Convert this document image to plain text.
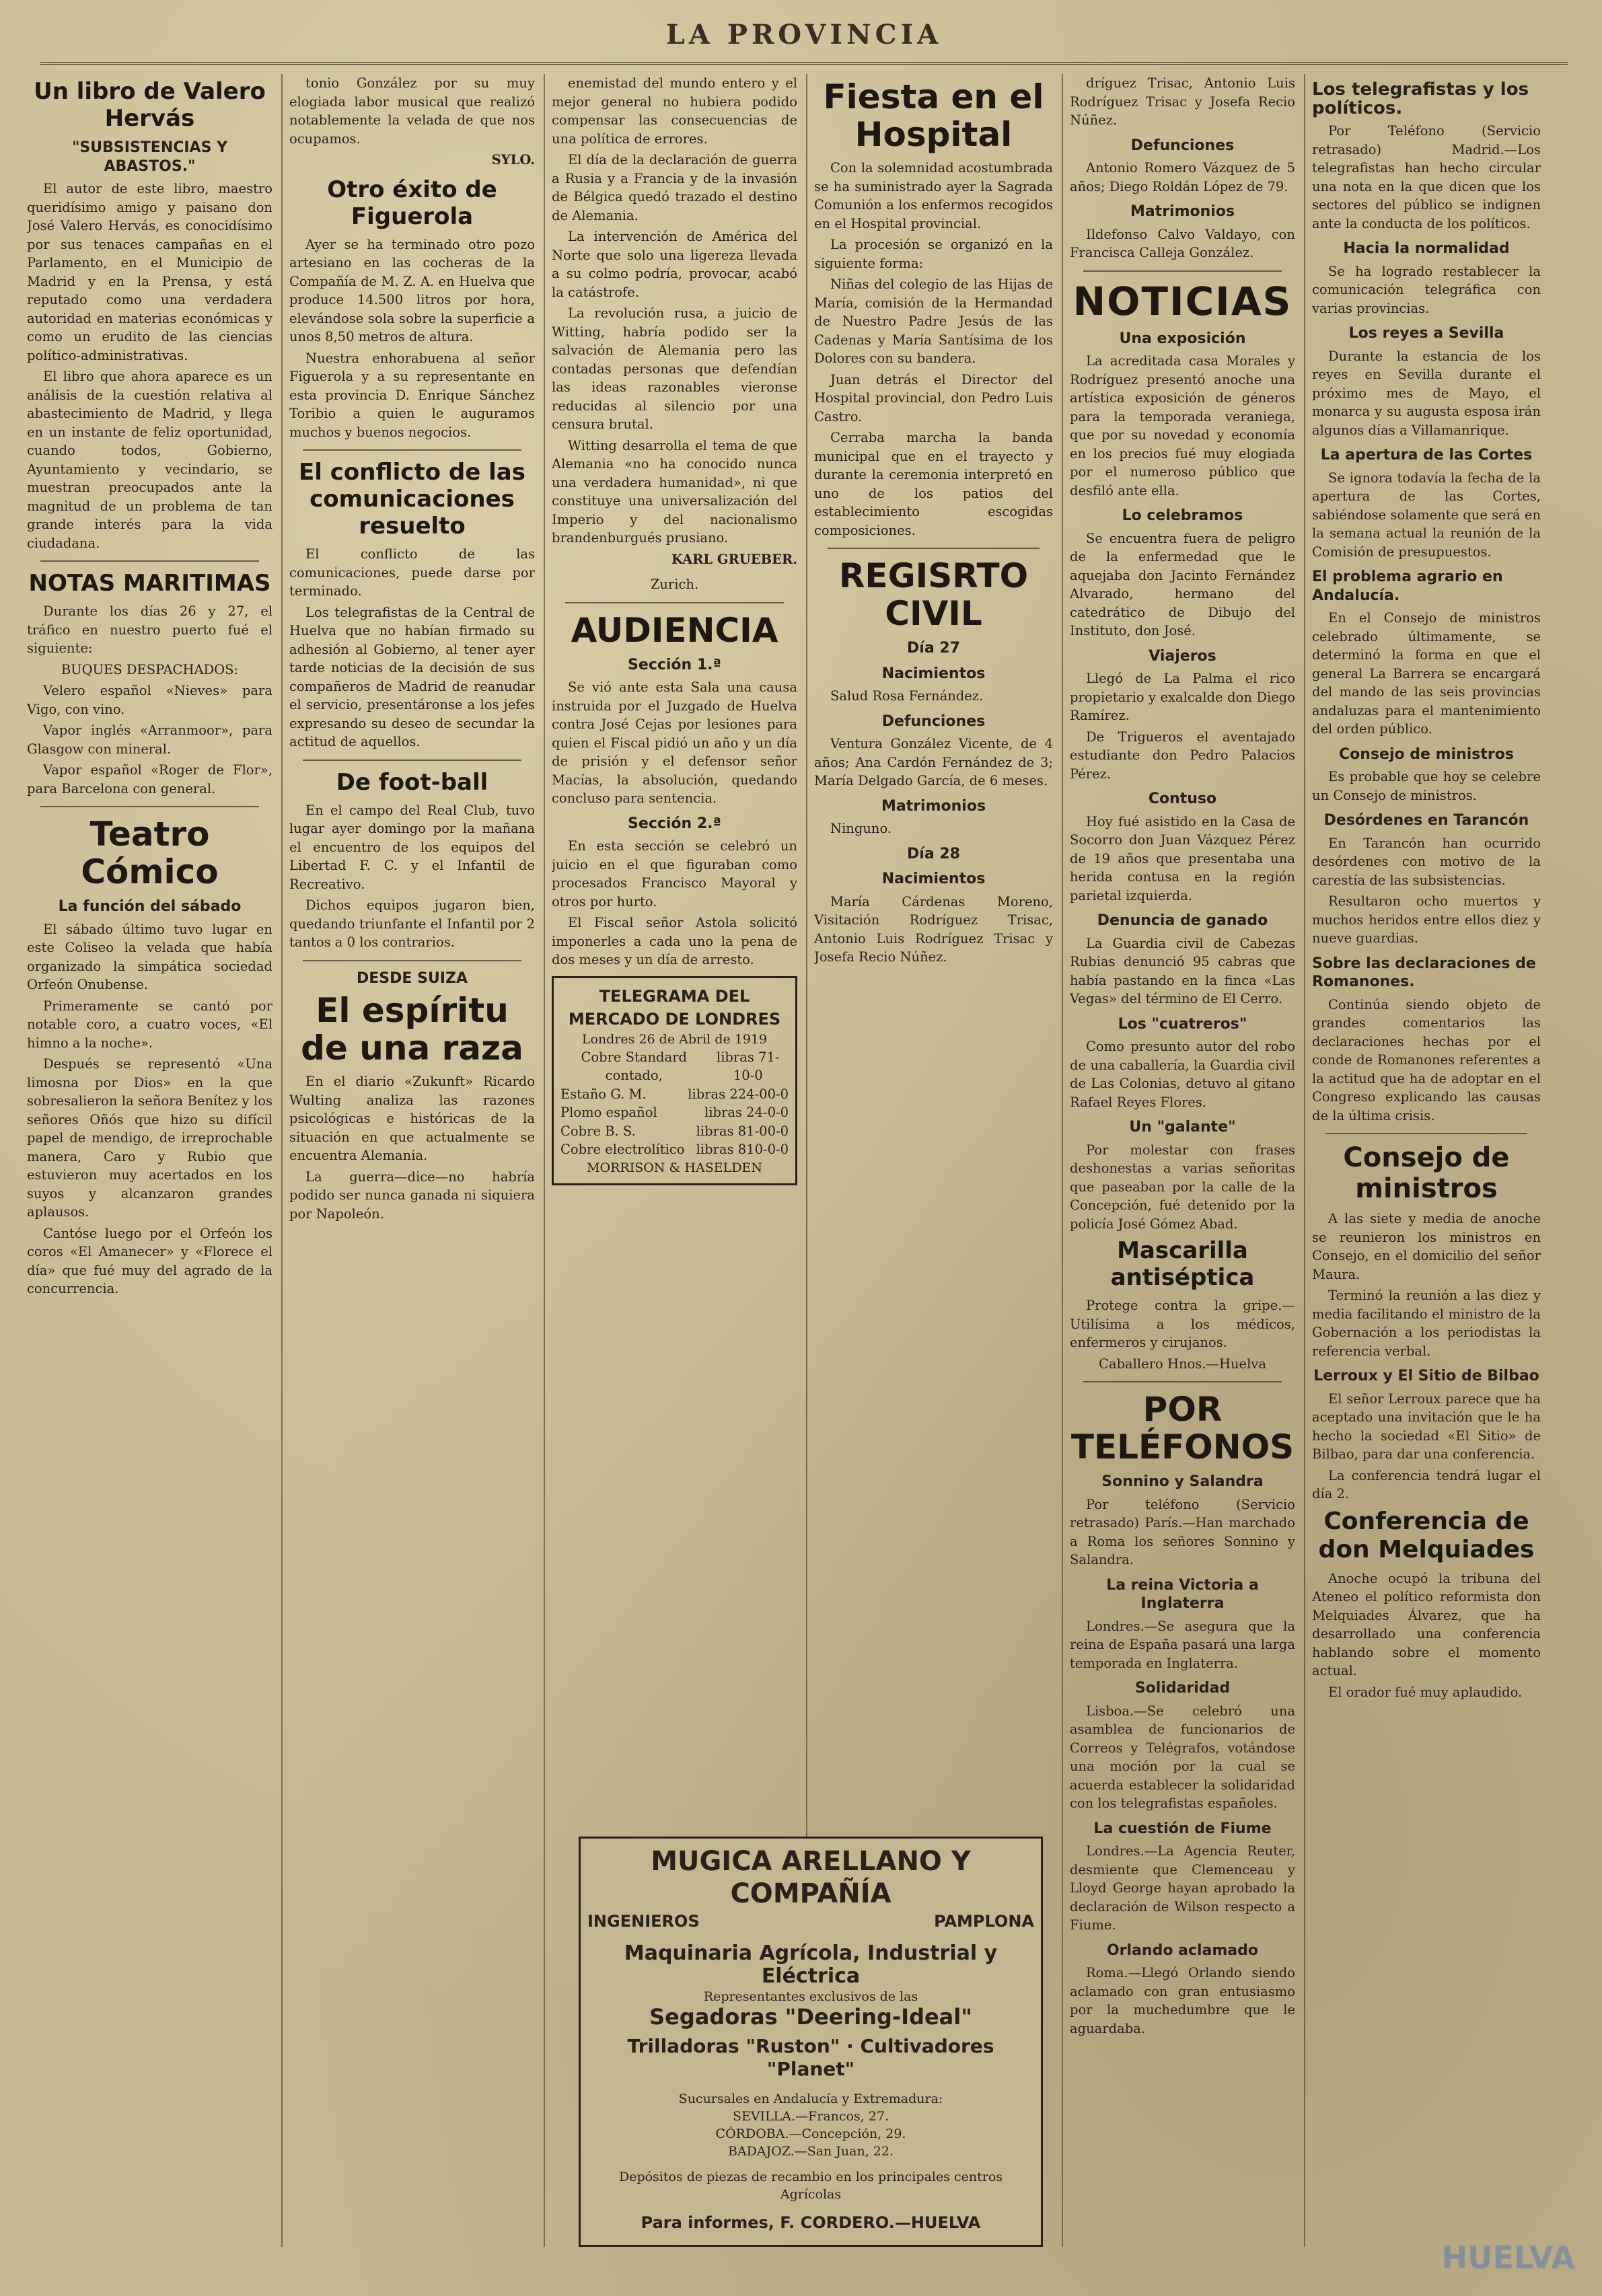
LA PROVINCIA
Un libro de Valero Hervás
"SUBSISTENCIAS Y ABASTOS."

El autor de este libro, maestro queridísimo amigo y paisano don José Valero Hervás, es conocidísimo por sus tenaces campañas en el Parlamento, en el Municipio de Madrid y en la Prensa, y está reputado como una verdadera autoridad en materias económicas y como un erudito de las ciencias político-administrativas.

El libro que ahora aparece es un análisis de la cuestión relativa al abastecimiento de Madrid, y llega en un instante de feliz oportunidad, cuando todos, Gobierno, Ayuntamiento y vecindario, se muestran preocupados ante la magnitud de un problema de tan grande interés para la vida ciudadana.

NOTAS MARITIMAS

Durante los días 26 y 27, el tráfico en nuestro puerto fué el siguiente:

BUQUES DESPACHADOS:

Velero español «Nieves» para Vigo, con vino.

Vapor inglés «Arranmoor», para Glasgow con mineral.

Vapor español «Roger de Flor», para Barcelona con general.

Teatro Cómico
La función del sábado

El sábado último tuvo lugar en este Coliseo la velada que había organizado la simpática sociedad Orfeón Onubense.

Primeramente se cantó por notable coro, a cuatro voces, «El himno a la noche».

Después se representó «Una limosna por Dios» en la que sobresalieron la señora Benítez y los señores Oñós que hizo su difícil papel de mendigo, de irreprochable manera, Caro y Rubio que estuvieron muy acertados en los suyos y alcanzaron grandes aplausos.

Cantóse luego por el Orfeón los coros «El Amanecer» y «Florece el día» que fué muy del agrado de la concurrencia.

tonio González por su muy elogiada labor musical que realizó notablemente la velada de que nos ocupamos.

SYLO.
Otro éxito de Figuerola

Ayer se ha terminado otro pozo artesiano en las cocheras de la Compañía de M. Z. A. en Huelva que produce 14.500 litros por hora, elevándose sola sobre la superficie a unos 8,50 metros de altura.

Nuestra enhorabuena al señor Figuerola y a su representante en esta provincia D. Enrique Sánchez Toribio a quien le auguramos muchos y buenos negocios.

El conflicto de las comunicaciones resuelto

El conflicto de las comunicaciones, puede darse por terminado.

Los telegrafistas de la Central de Huelva que no habían firmado su adhesión al Gobierno, al tener ayer tarde noticias de la decisión de sus compañeros de Madrid de reanudar el servicio, presentáronse a los jefes expresando su deseo de secundar la actitud de aquellos.

De foot-ball

En el campo del Real Club, tuvo lugar ayer domingo por la mañana el encuentro de los equipos del Libertad F. C. y el Infantil de Recreativo.

Dichos equipos jugaron bien, quedando triunfante el Infantil por 2 tantos a 0 los contrarios.

DESDE SUIZA
El espíritu de una raza

En el diario «Zukunft» Ricardo Wulting analiza las razones psicológicas e históricas de la situación en que actualmente se encuentra Alemania.

La guerra—dice—no habría podido ser nunca ganada ni siquiera por Napoleón.

enemistad del mundo entero y el mejor general no hubiera podido compensar las consecuencias de una política de errores.

El día de la declaración de guerra a Rusia y a Francia y de la invasión de Bélgica quedó trazado el destino de Alemania.

La intervención de América del Norte que solo una ligereza llevada a su colmo podría, provocar, acabó la catástrofe.

La revolución rusa, a juicio de Witting, habría podido ser la salvación de Alemania pero las contadas personas que defendían las ideas razonables vieronse reducidas al silencio por una censura brutal.

Witting desarrolla el tema de que Alemania «no ha conocido nunca una verdadera humanidad», ni que constituye una universalización del Imperio y del nacionalismo brandenburgués prusiano.

KARL GRUEBER.

Zurich.

AUDIENCIA
Sección 1.ª

Se vió ante esta Sala una causa instruida por el Juzgado de Huelva contra José Cejas por lesiones para quien el Fiscal pidió un año y un día de prisión y el defensor señor Macías, la absolución, quedando concluso para sentencia.

Sección 2.ª

En esta sección se celebró un juicio en el que figuraban como procesados Francisco Mayoral y otros por hurto.

El Fiscal señor Astola solicitó imponerles a cada uno la pena de dos meses y un día de arresto.

TELEGRAMA DEL MERCADO DE LONDRES
Londres 26 de Abril de 1919
Cobre Standard contado,
libras 71-10-0
Estaño G. M.	libras 224-00-0
Plomo español	libras 24-0-0
Cobre B. S.	libras 81-00-0
Cobre electrolítico libras 810-0-0
MORRISON & HASELDEN
Fiesta en el Hospital

Con la solemnidad acostumbrada se ha suministrado ayer la Sagrada Comunión a los enfermos recogidos en el Hospital provincial.

La procesión se organizó en la siguiente forma:

Niñas del colegio de las Hijas de María, comisión de la Hermandad de Nuestro Padre Jesús de las Cadenas y María Santísima de los Dolores con su bandera.

Juan detrás el Director del Hospital provincial, don Pedro Luis Castro.

Cerraba marcha la banda municipal que en el trayecto y durante la ceremonia interpretó en uno de los patios del establecimiento escogidas composiciones.

REGISRTO CIVIL
Día 27
Nacimientos

Salud Rosa Fernández.

Defunciones

Ventura González Vicente, de 4 años; Ana Cardón Fernández de 3; María Delgado García, de 6 meses.

Matrimonios

Ninguno.

Día 28
Nacimientos

María Cárdenas Moreno, Visitación Rodríguez Trisac, Antonio Luis Rodríguez Trisac y Josefa Recio Núñez.

MUGICA ARELLANO Y COMPAÑÍA
INGENIEROS	PAMPLONA
Maquinaria Agrícola, Industrial y Eléctrica
Representantes exclusivos de las
Segadoras "Deering-Ideal"
Trilladoras "Ruston" · Cultivadores "Planet"
Sucursales en Andalucía y Extremadura:
SEVILLA.—Francos, 27.
CÓRDOBA.—Concepción, 29.
BADAJOZ.—San Juan, 22.
Depósitos de piezas de recambio en los principales centros Agrícolas
Para informes, F. CORDERO.—HUELVA

dríguez Trisac, Antonio Luis Rodríguez Trisac y Josefa Recio Núñez.

Defunciones

Antonio Romero Vázquez de 5 años; Diego Roldán López de 79.

Matrimonios

Ildefonso Calvo Valdayo, con Francisca Calleja González.

NOTICIAS
Una exposición

La acreditada casa Morales y Rodríguez presentó anoche una artística exposición de géneros para la temporada veraniega, que por su novedad y economía en los precios fué muy elogiada por el numeroso público que desfiló ante ella.

Lo celebramos

Se encuentra fuera de peligro de la enfermedad que le aquejaba don Jacinto Fernández Alvarado, hermano del catedrático de Dibujo del Instituto, don José.

Viajeros

Llegó de La Palma el rico propietario y exalcalde don Diego Ramírez.

De Trigueros el aventajado estudiante don Pedro Palacios Pérez.

Contuso

Hoy fué asistido en la Casa de Socorro don Juan Vázquez Pérez de 19 años que presentaba una herida contusa en la región parietal izquierda.

Denuncia de ganado

La Guardia civil de Cabezas Rubias denunció 95 cabras que había pastando en la finca «Las Vegas» del término de El Cerro.

Los "cuatreros"

Como presunto autor del robo de una caballería, la Guardia civil de Las Colonias, detuvo al gitano Rafael Reyes Flores.

Un "galante"

Por molestar con frases deshonestas a varias señoritas que paseaban por la calle de la Concepción, fué detenido por la policía José Gómez Abad.

Mascarilla antiséptica

Protege contra la gripe.—Utilísima a los médicos, enfermeros y cirujanos.

Caballero Hnos.—Huelva

POR TELÉFONOS
Sonnino y Salandra

Por teléfono (Servicio retrasado) París.—Han marchado a Roma los señores Sonnino y Salandra.

La reina Victoria a Inglaterra

Londres.—Se asegura que la reina de España pasará una larga temporada en Inglaterra.

Solidaridad

Lisboa.—Se celebró una asamblea de funcionarios de Correos y Telégrafos, votándose una moción por la cual se acuerda establecer la solidaridad con los telegrafistas españoles.

La cuestión de Fiume

Londres.—La Agencia Reuter, desmiente que Clemenceau y Lloyd George hayan aprobado la declaración de Wilson respecto a Fiume.

Orlando aclamado

Roma.—Llegó Orlando siendo aclamado con gran entusiasmo por la muchedumbre que le aguardaba.

Los telegrafistas y los políticos.

Por Teléfono (Servicio retrasado) Madrid.—Los telegrafistas han hecho circular una nota en la que dicen que los sectores del público se indignen ante la conducta de los políticos.

Hacia la normalidad

Se ha logrado restablecer la comunicación telegráfica con varias provincias.

Los reyes a Sevilla

Durante la estancia de los reyes en Sevilla durante el próximo mes de Mayo, el monarca y su augusta esposa irán algunos días a Villamanrique.

La apertura de las Cortes

Se ignora todavía la fecha de la apertura de las Cortes, sabiéndose solamente que será en la semana actual la reunión de la Comisión de presupuestos.

El problema agrario en Andalucía.

En el Consejo de ministros celebrado últimamente, se determinó la forma en que el general La Barrera se encargará del mando de las seis provincias andaluzas para el mantenimiento del orden público.

Consejo de ministros

Es probable que hoy se celebre un Consejo de ministros.

Desórdenes en Tarancón

En Tarancón han ocurrido desórdenes con motivo de la carestía de las subsistencias.

Resultaron ocho muertos y muchos heridos entre ellos diez y nueve guardias.

Sobre las declaraciones de Romanones.

Continúa siendo objeto de grandes comentarios las declaraciones hechas por el conde de Romanones referentes a la actitud que ha de adoptar en el Congreso explicando las causas de la última crisis.

Consejo de ministros

A las siete y media de anoche se reunieron los ministros en Consejo, en el domicilio del señor Maura.

Terminó la reunión a las diez y media facilitando el ministro de la Gobernación a los periodistas la referencia verbal.

Lerroux y El Sitio de Bilbao

El señor Lerroux parece que ha aceptado una invitación que le ha hecho la sociedad «El Sitio» de Bilbao, para dar una conferencia.

La conferencia tendrá lugar el día 2.

Conferencia de don Melquiades

Anoche ocupó la tribuna del Ateneo el político reformista don Melquiades Álvarez, que ha desarrollado una conferencia hablando sobre el momento actual.

El orador fué muy aplaudido.

HUELVA
